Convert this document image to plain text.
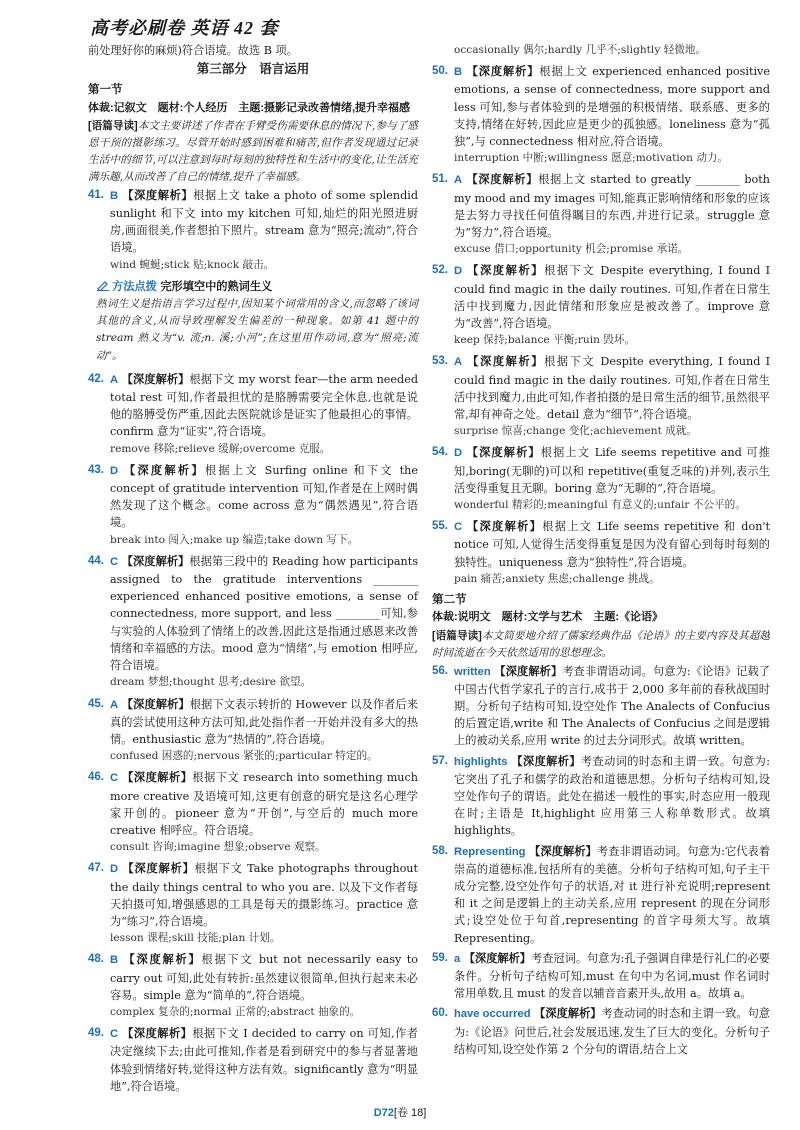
高考必刷卷 英语 42 套
前处理好你的麻烦)符合语境。故选 B 项。
第三部分　语言运用
第一节
体裁:记叙文　题材:个人经历　主题:摄影记录改善情绪,提升幸福感
[语篇导读]本文主要讲述了作者在手臂受伤需要休息的情况下,参与了感恩干预的摄影练习。尽管开始时感到困难和痛苦,但作者发现通过记录生活中的细节,可以注意到每时每刻的独特性和生活中的变化,让生活充满乐趣,从而改善了自己的情绪,提升了幸福感。
41. B 【深度解析】根据上文 take a photo of some splendid sunlight 和下文 into my kitchen 可知,灿烂的阳光照进厨房,画面很美,作者想拍下照片。stream 意为“照亮;流动”,符合语境。
wind 蜿蜒;stick 贴;knock 敲击。
方法点拨 完形填空中的熟词生义
熟词生义是指语言学习过程中,因知某个词常用的含义,而忽略了该词其他的含义,从而导致理解发生偏差的一种现象。如第 41 题中的 stream 熟义为“v. 流;n. 溪;小河”;在这里用作动词,意为“照亮;流动”。
42. A 【深度解析】根据下文 my worst fear—the arm needed total rest 可知,作者最担忧的是胳膊需要完全休息,也就是说他的胳膊受伤严重,因此去医院就诊是证实了他最担心的事情。confirm 意为“证实”,符合语境。
remove 移除;relieve 缓解;overcome 克服。
43. D 【深度解析】根据上文 Surfing online 和下文 the concept of gratitude intervention 可知,作者是在上网时偶然发现了这个概念。come across 意为“偶然遇见”,符合语境。
break into 闯入;make up 编造;take down 写下。
44. C 【深度解析】根据第三段中的 Reading how participants assigned to the gratitude interventions ________ experienced enhanced positive emotions, a sense of connectedness, more support, and less ________可知,参与实验的人体验到了情绪上的改善,因此这是指通过感恩来改善情绪和幸福感的方法。mood 意为“情绪”,与 emotion 相呼应,符合语境。
dream 梦想;thought 思考;desire 欲望。
45. A 【深度解析】根据下文表示转折的 However 以及作者后来真的尝试使用这种方法可知,此处指作者一开始并没有多大的热情。enthusiastic 意为“热情的”,符合语境。
confused 困惑的;nervous 紧张的;particular 特定的。
46. C 【深度解析】根据下文 research into something much more creative 及语境可知,这更有创意的研究是这名心理学家开创的。pioneer 意为“开创”,与空后的 much more creative 相呼应。符合语境。
consult 咨询;imagine 想象;observe 观察。
47. D 【深度解析】根据下文 Take photographs throughout the daily things central to who you are. 以及下文作者每天拍摄可知,增强感恩的工具是每天的摄影练习。practice 意为“练习”,符合语境。
lesson 课程;skill 技能;plan 计划。
48. B 【深度解析】根据下文 but not necessarily easy to carry out 可知,此处有转折:虽然建议很简单,但执行起来未必容易。simple 意为“简单的”,符合语境。
complex 复杂的;normal 正常的;abstract 抽象的。
49. C 【深度解析】根据下文 I decided to carry on 可知,作者决定继续下去;由此可推知,作者是看到研究中的参与者显著地体验到情绪好转,觉得这种方法有效。significantly 意为“明显地”,符合语境。
occasionally 偶尔;hardly 几乎不;slightly 轻微地。
50. B 【深度解析】根据上文 experienced enhanced positive emotions, a sense of connectedness, more support and less 可知,参与者体验到的是增强的积极情绪、联系感、更多的支持,情绪在好转,因此应是更少的孤独感。loneliness 意为“孤独”,与 connectedness 相对应,符合语境。
interruption 中断;willingness 愿意;motivation 动力。
51. A 【深度解析】根据上文 started to greatly ________ both my mood and my images 可知,能真正影响情绪和形象的应该是去努力寻找任何值得瞩目的东西,并进行记录。struggle 意为“努力”,符合语境。
excuse 借口;opportunity 机会;promise 承诺。
52. D 【深度解析】根据下文 Despite everything, I found I could find magic in the daily routines. 可知,作者在日常生活中找到魔力,因此情绪和形象应是被改善了。improve 意为“改善”,符合语境。
keep 保持;balance 平衡;ruin 毁坏。
53. A 【深度解析】根据下文 Despite everything, I found I could find magic in the daily routines. 可知,作者在日常生活中找到魔力,由此可知,作者拍摄的是日常生活的细节,虽然很平常,却有神奇之处。detail 意为“细节”,符合语境。
surprise 惊喜;change 变化;achievement 成就。
54. D 【深度解析】根据上文 Life seems repetitive and 可推知,boring(无聊的)可以和 repetitive(重复乏味的)并列,表示生活变得重复且无聊。boring 意为“无聊的”,符合语境。
wonderful 精彩的;meaningful 有意义的;unfair 不公平的。
55. C 【深度解析】根据上文 Life seems repetitive 和 don't notice 可知,人觉得生活变得重复是因为没有留心到每时每刻的独特性。uniqueness 意为“独特性”,符合语境。
pain 痛苦;anxiety 焦虑;challenge 挑战。
第二节
体裁:说明文　题材:文学与艺术　主题:《论语》
[语篇导读]本文简要地介绍了儒家经典作品《论语》的主要内容及其超越时间流逝在今天依然适用的思想理念。
56. written 【深度解析】考查非谓语动词。句意为:《论语》记载了中国古代哲学家孔子的言行,成书于 2,000 多年前的春秋战国时期。分析句子结构可知,设空处作 The Analects of Confucius 的后置定语,write 和 The Analects of Confucius 之间是逻辑上的被动关系,应用 write 的过去分词形式。故填 written。
57. highlights 【深度解析】考查动词的时态和主谓一致。句意为:它突出了孔子和儒学的政治和道德思想。分析句子结构可知,设空处作句子的谓语。此处在描述一般性的事实,时态应用一般现在时;主语是 It,highlight 应用第三人称单数形式。故填 highlights。
58. Representing 【深度解析】考查非谓语动词。句意为:它代表着崇高的道德标准,包括所有的美德。分析句子结构可知,句子主干成分完整,设空处作句子的状语,对 it 进行补充说明;represent 和 it 之间是逻辑上的主动关系,应用 represent 的现在分词形式;设空处位于句首,representing 的首字母须大写。故填 Representing。
59. a 【深度解析】考查冠词。句意为:孔子强调自律是行礼仁的必要条件。分析句子结构可知,must 在句中为名词,must 作名词时常用单数,且 must 的发音以辅音音素开头,故用 a。故填 a。
60. have occurred 【深度解析】考查动词的时态和主谓一致。句意为:《论语》问世后,社会发展迅速,发生了巨大的变化。分析句子结构可知,设空处作第 2 个分句的谓语,结合上文
D72[卷 18]
